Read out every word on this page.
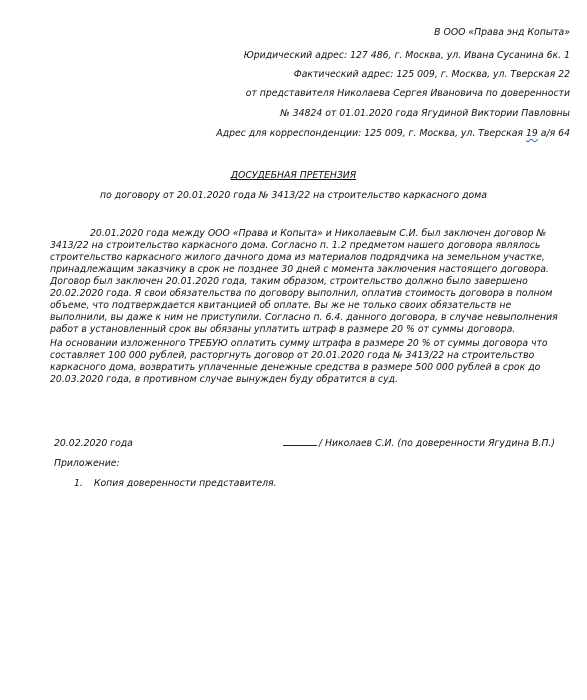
В ООО «Права энд Копыта»
Юридический адрес: 127 486, г. Москва, ул. Ивана Сусанина 6к. 1
Фактический адрес: 125 009, г. Москва, ул. Тверская 22
от представителя Николаева Сергея Ивановича по доверенности
№ 34824 от 01.01.2020 года Ягудиной Виктории Павловны
Адрес для корреспонденции: 125 009, г. Москва, ул. Тверская 19 а/я 64
ДОСУДЕБНАЯ ПРЕТЕНЗИЯ
по договору от 20.01.2020 года № 3413/22 на строительство каркасного дома
20.01.2020 года между ООО «Права и Копыта» и Николаевым С.И. был заключен договор № 3413/22 на строительство каркасного дома. Согласно п. 1.2 предметом нашего договора являлось строительство каркасного жилого дачного дома из материалов подрядчика на земельном участке, принадлежащим заказчику в срок не позднее 30 дней с момента заключения настоящего договора. Договор был заключен 20.01.2020 года, таким образом, строительство должно было завершено 20.02.2020 года. Я свои обязательства по договору выполнил, оплатив стоимость договора в полном объеме, что подтверждается квитанцией об оплате. Вы же не только своих обязательств не выполнили, вы даже к ним не приступили. Согласно п. 6.4. данного договора, в случае невыполнения работ в установленный срок вы обязаны уплатить штраф в размере 20 % от суммы договора.
На основании изложенного ТРЕБУЮ оплатить сумму штрафа в размере 20 % от суммы договора что составляет 100 000 рублей, расторгнуть договор от 20.01.2020 года № 3413/22 на строительство каркасного дома, возвратить уплаченные денежные средства в размере 500 000 рублей в срок до 20.03.2020 года, в противном случае вынужден буду обратится в суд.
20.02.2020 года	/ Николаев С.И. (по доверенности Ягудина В.П.)
Приложение:
1. Копия доверенности представителя.
